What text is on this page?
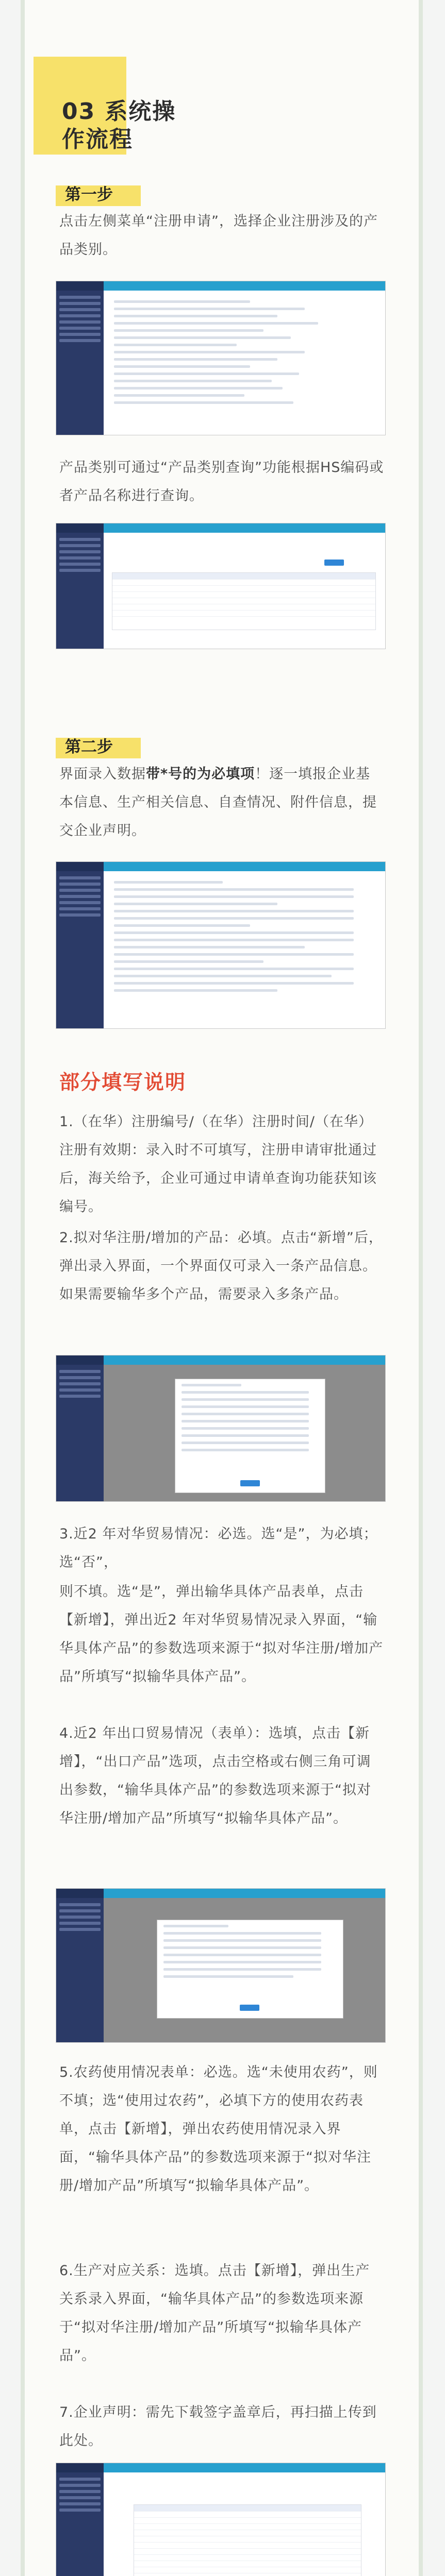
03 系统操作流程
第一步
点击左侧菜单“注册申请”，选择企业注册涉及的产品类别。
产品类别可通过“产品类别查询”功能根据HS编码或者产品名称进行查询。
第二步
界面录入数据带*号的为必填项！逐一填报企业基本信息、生产相关信息、自查情况、附件信息，提交企业声明。
部分填写说明
1.（在华）注册编号/（在华）注册时间/（在华）注册有效期：录入时不可填写，注册申请审批通过后，海关给予，企业可通过申请单查询功能获知该编号。
2.拟对华注册/增加的产品：必填。点击“新增”后，弹出录入界面，一个界面仅可录入一条产品信息。如果需要输华多个产品，需要录入多条产品。
3.近2 年对华贸易情况：必选。选“是”，为必填；选“否”，
则不填。选“是”，弹出输华具体产品表单，点击【新增】，弹出近2 年对华贸易情况录入界面，“输华具体产品”的参数选项来源于“拟对华注册/增加产品”所填写“拟输华具体产品”。
4.近2 年出口贸易情况（表单）：选填，点击【新增】，“出口产品”选项，点击空格或右侧三角可调出参数，“输华具体产品”的参数选项来源于“拟对华注册/增加产品”所填写“拟输华具体产品”。
5.农药使用情况表单：必选。选“未使用农药”，则不填；选“使用过农药”，必填下方的使用农药表单，点击【新增】，弹出农药使用情况录入界面，“输华具体产品”的参数选项来源于“拟对华注册/增加产品”所填写“拟输华具体产品”。
6.生产对应关系：选填。点击【新增】，弹出生产关系录入界面，“输华具体产品”的参数选项来源于“拟对华注册/增加产品”所填写“拟输华具体产品”。
7.企业声明：需先下载签字盖章后，再扫描上传到此处。
